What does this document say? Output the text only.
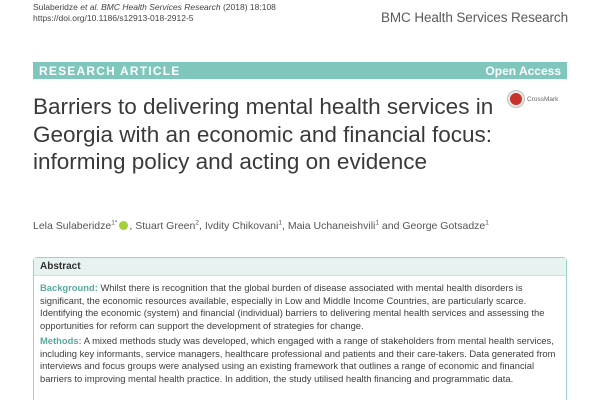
Sulaberidze et al. BMC Health Services Research (2018) 18:108
https://doi.org/10.1186/s12913-018-2912-5	BMC Health Services Research
RESEARCH ARTICLE	Open Access
Barriers to delivering mental health services in Georgia with an economic and financial focus: informing policy and acting on evidence
CrossMark
Lela Sulaberidze$^{1*}$ , Stuart Green$^2$, Ivdity Chikovani$^1$, Maia Uchaneishvili$^1$ and George Gotsadze$^1$
Abstract

Background: Whilst there is recognition that the global burden of disease associated with mental health disorders is significant, the economic resources available, especially in Low and Middle Income Countries, are particularly scarce. Identifying the economic (system) and financial (individual) barriers to delivering mental health services and assessing the opportunities for reform can support the development of strategies for change.

Methods: A mixed methods study was developed, which engaged with a range of stakeholders from mental health services, including key informants, service managers, healthcare professional and patients and their care-takers. Data generated from interviews and focus groups were analysed using an existing framework that outlines a range of economic and financial barriers to improving mental health practice. In addition, the study utilised health financing and programmatic data.
